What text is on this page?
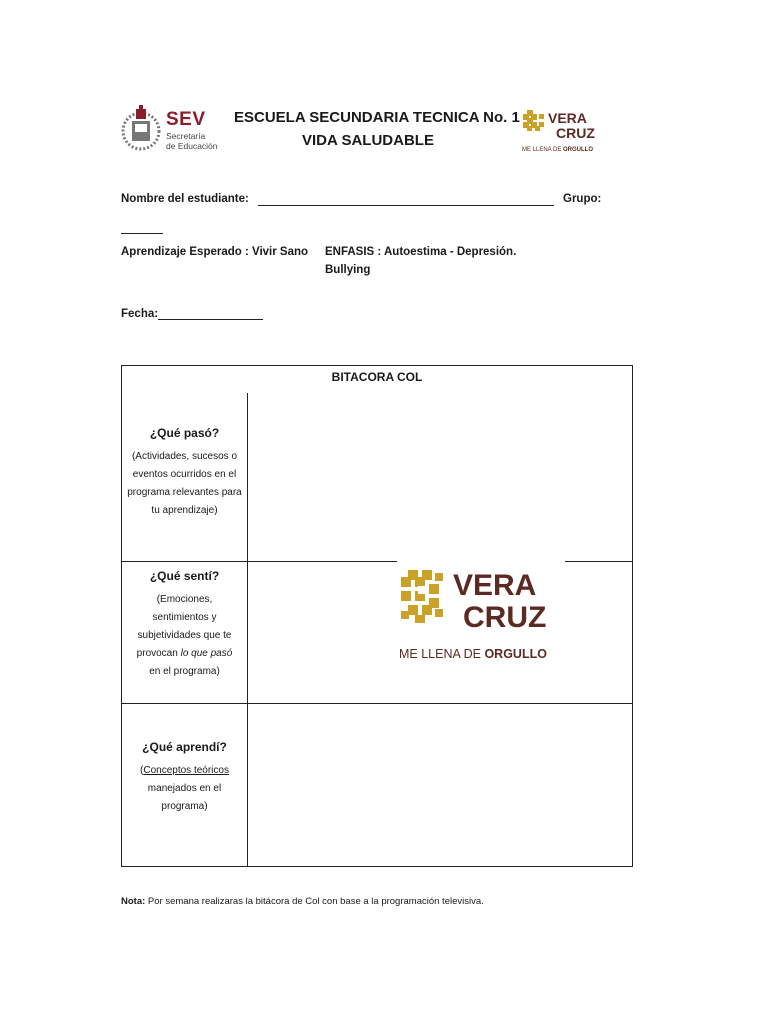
SEV
Secretaría
de Educación
ESCUELA SECUNDARIA TECNICA No. 1
VIDA SALUDABLE
VERA
CRUZ
ME LLENA DE ORGULLO
Nombre del estudiante:	Grupo:
Aprendizaje Esperado : Vivir Sano ENFASIS : Autoestima - Depresión.
Bullying
Fecha:
BITACORA COL
¿Qué pasó?
(Actividades, sucesos o
eventos ocurridos en el
programa relevantes para
tu aprendizaje)
¿Qué sentí?
(Emociones,
sentimientos y
subjetividades que te
provocan lo que pasó
en el programa)
¿Qué aprendí?
(Conceptos teóricos
manejados en el
programa)
VERA
CRUZ
ME LLENA DE ORGULLO
Nota: Por semana realizaras la bitácora de Col con base a la programación televisiva.
